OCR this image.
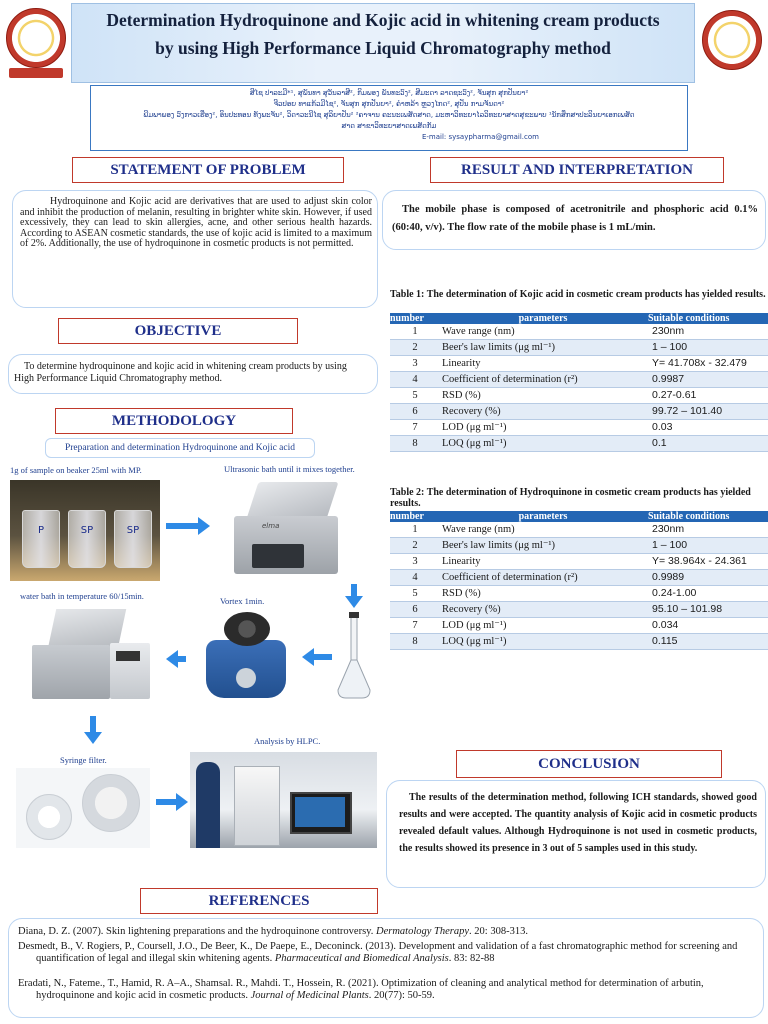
Determination Hydroquinone and Kojic acid in whitening cream products
by using High Performance Liquid Chromatography method
ສີໄຊ ປາລະມີ*¹, ສຸພັນທາ ສຸວັນລາສີ², ກິມພອງ ພັນທະວົງ², ສີມະດາ ລາດຊະວົງ², ຈັນສຸກ ສຸກປັນຍາ²
ຈີວປອຍ ທາແກ້ວມີໄຊ², ຈັນສຸກ ສຸກປັນຍາ², ຄຳຫລ້າ ຫຼວງໄກດ², ສຸປັນ ກາມຈັນດາ²
ພີມພາພອງ ວົງກາວເຮືອງ², ອິນປະທອນ ທັງພະຈັນ², ວິດາວະນີໄຊ ສຸລິຍາປັນ² ²ຄາຈານ ຄະນະເພສັດສາດ, ມະຫາວິທະຍາໄລວິທະຍາສາດສຸຂະພາບ ¹ນັກສຶກສາປະລິນຍາເອກເພສັດ
ສາດ ສາຂາວິທະຍາສາດເພສັດກັມ
E-mail: sysaypharma@gmail.com
STATEMENT OF PROBLEM
Hydroquinone and Kojic acid are derivatives that are used to adjust skin color and inhibit the production of melanin, resulting in brighter white skin. However, if used excessively, they can lead to skin allergies, acne, and other serious health hazards. According to ASEAN cosmetic standards, the use of kojic acid is limited to a maximum of 2%. Additionally, the use of hydroquinone in cosmetic products is not permitted.
OBJECTIVE
To determine hydroquinone and kojic acid in whitening cream products by using High Performance Liquid Chromatography method.
METHODOLOGY
Preparation and determination Hydroquinone and Kojic acid
1g of sample on beaker 25ml with MP.	Ultrasonic bath until it mixes together.
P	SP	SP	elma
water bath in temperature 60/15min.	Vortex 1min.
Syringe filter.
Analysis by HLPC.
RESULT AND INTERPRETATION
The mobile phase is composed of acetronitrile and phosphoric acid 0.1% (60:40, v/v). The flow rate of the mobile phase is 1 mL/min.
Table 1: The determination of Kojic acid in cosmetic cream products has yielded results.
number	parameters	Suitable conditions
1	Wave range (nm)	230nm
2	Beer's law limits (μg ml⁻¹)	1 – 100
3	Linearity	Y= 41.708x - 32.479
4	Coefficient of determination (r²)	0.9987
5	RSD (%)	0.27-0.61
6	Recovery (%)	99.72 – 101.40
7	LOD (μg ml⁻¹)	0.03
8	LOQ (μg ml⁻¹)	0.1
Table 2: The determination of Hydroquinone in cosmetic cream products has yielded results.
number	parameters	Suitable conditions
1	Wave range (nm)	230nm
2	Beer's law limits (μg ml⁻¹)	1 – 100
3	Linearity	Y= 38.964x - 24.361
4	Coefficient of determination (r²)	0.9989
5	RSD (%)	0.24-1.00
6	Recovery (%)	95.10 – 101.98
7	LOD (μg ml⁻¹)	0.034
8	LOQ (μg ml⁻¹)	0.115
CONCLUSION
The results of the determination method, following ICH standards, showed good results and were accepted. The quantity analysis of Kojic acid in cosmetic products revealed default values. Although Hydroquinone is not used in cosmetic products, the results showed its presence in 3 out of 5 samples used in this study.
REFERENCES
Diana, D. Z. (2007). Skin lightening preparations and the hydroquinone controversy. Dermatology Therapy. 20: 308-313.
Desmedt, B., V. Rogiers, P., Coursell, J.O., De Beer, K., De Paepe, E., Deconinck. (2013). Development and validation of a fast chromatographic method for screening and quantification of legal and illegal skin whitening agents. Pharmaceutical and Biomedical Analysis. 83: 82-88
Eradati, N., Fateme., T., Hamid, R. A–A., Shamsal. R., Mahdi. T., Hossein, R. (2021). Optimization of cleaning and analytical method for determination of arbutin, hydroquinone and kojic acid in cosmetic products. Journal of Medicinal Plants. 20(77): 50-59.
